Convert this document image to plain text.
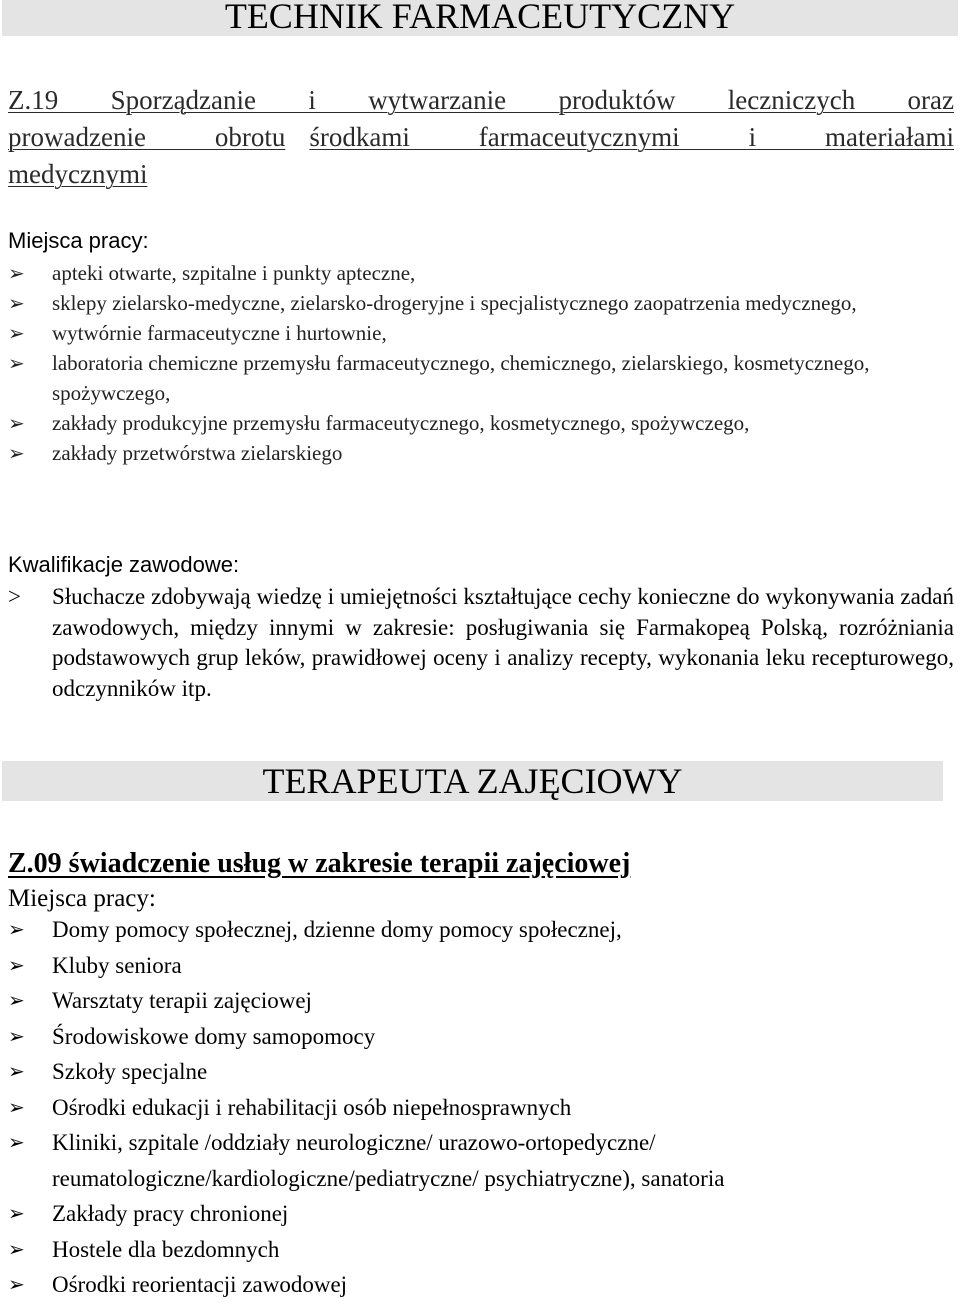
TECHNIK FARMACEUTYCZNY
Z.19 Sporządzanie i wytwarzanie produktów leczniczych oraz
prowadzenie obrotu środkami farmaceutycznymi i materiałami
medycznymi
Miejsca pracy:
➢	apteki otwarte, szpitalne i punkty apteczne,
➢	sklepy zielarsko-medyczne, zielarsko-drogeryjne i specjalistycznego zaopatrzenia medycznego,
➢	wytwórnie farmaceutyczne i hurtownie,
➢	laboratoria chemiczne przemysłu farmaceutycznego, chemicznego, zielarskiego, kosmetycznego, spożywczego,
➢	zakłady produkcyjne przemysłu farmaceutycznego, kosmetycznego, spożywczego,
➢	zakłady przetwórstwa zielarskiego
Kwalifikacje zawodowe:
> Słuchacze zdobywają wiedzę i umiejętności kształtujące cechy konieczne do wykonywania zadań zawodowych, między innymi w zakresie: posługiwania się Farmakopeą Polską, rozróżniania podstawowych grup leków, prawidłowej oceny i analizy recepty, wykonania leku recepturowego, odczynników itp.
TERAPEUTA ZAJĘCIOWY
Z.09 świadczenie usług w zakresie terapii zajęciowej
Miejsca pracy:
➢	Domy pomocy społecznej, dzienne domy pomocy społecznej,
➢	Kluby seniora
➢	Warsztaty terapii zajęciowej
➢	Środowiskowe domy samopomocy
➢	Szkoły specjalne
➢	Ośrodki edukacji i rehabilitacji osób niepełnosprawnych
➢	Kliniki, szpitale /oddziały neurologiczne/ urazowo-ortopedyczne/ reumatologiczne/kardiologiczne/pediatryczne/ psychiatryczne), sanatoria
➢	Zakłady pracy chronionej
➢	Hostele dla bezdomnych
➢	Ośrodki reorientacji zawodowej
